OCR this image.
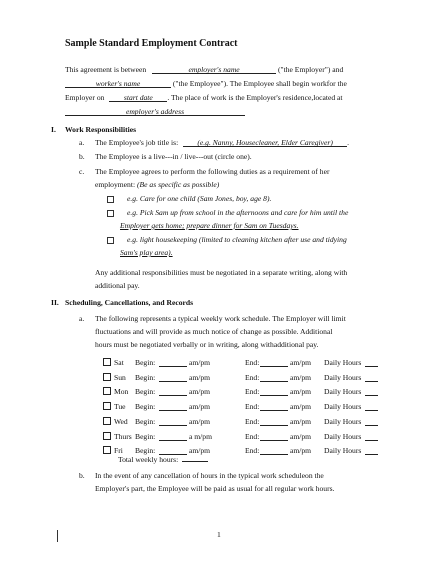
Sample Standard Employment Contract
This agreement is between	employer's name	("the Employer") and
worker's name	("the Employee"). The Employee shall begin workfor the
Employer on	start date . The place of work is the Employer's residence,located at
employer's address
I. Work Responsibilities
a. The Employee's job title is:	(e.g. Nanny, Housecleaner, Elder Caregiver) .
b. The Employee is a live---in / live---out (circle one).
c. The Employee agrees to perform the following duties as a requirement of her
employment: (Be as specific as possible)
e.g. Care for one child (Sam Jones, boy, age 8).
e.g. Pick Sam up from school in the afternoons and care for him until the
Employer gets home; prepare dinner for Sam on Tuesdays.
e.g. light housekeeping (limited to cleaning kitchen after use and tidying
Sam's play area).
Any additional responsibilities must be negotiated in a separate writing, along with
additional pay.
II. Scheduling, Cancellations, and Records
a. The following represents a typical weekly work schedule. The Employer will limit
fluctuations and will provide as much notice of change as possible. Additional
hours must be negotiated verbally or in writing, along withadditional pay.
Sat Begin:	am/pm	End:	am/pm Daily Hours
Sun Begin:	am/pm	End:	am/pm Daily Hours
Mon Begin:	am/pm	End:	am/pm Daily Hours
Tue Begin:	am/pm	End:	am/pm Daily Hours
Wed Begin:	am/pm	End:	am/pm Daily Hours
Thurs Begin:	a m/pm	End:	am/pm Daily Hours
Fri Begin:	am/pm	End:	am/pm Daily Hours
Total weekly hours:
b. In the event of any cancellation of hours in the typical work scheduleon the
Employer's part, the Employee will be paid as usual for all regular work hours.
1
